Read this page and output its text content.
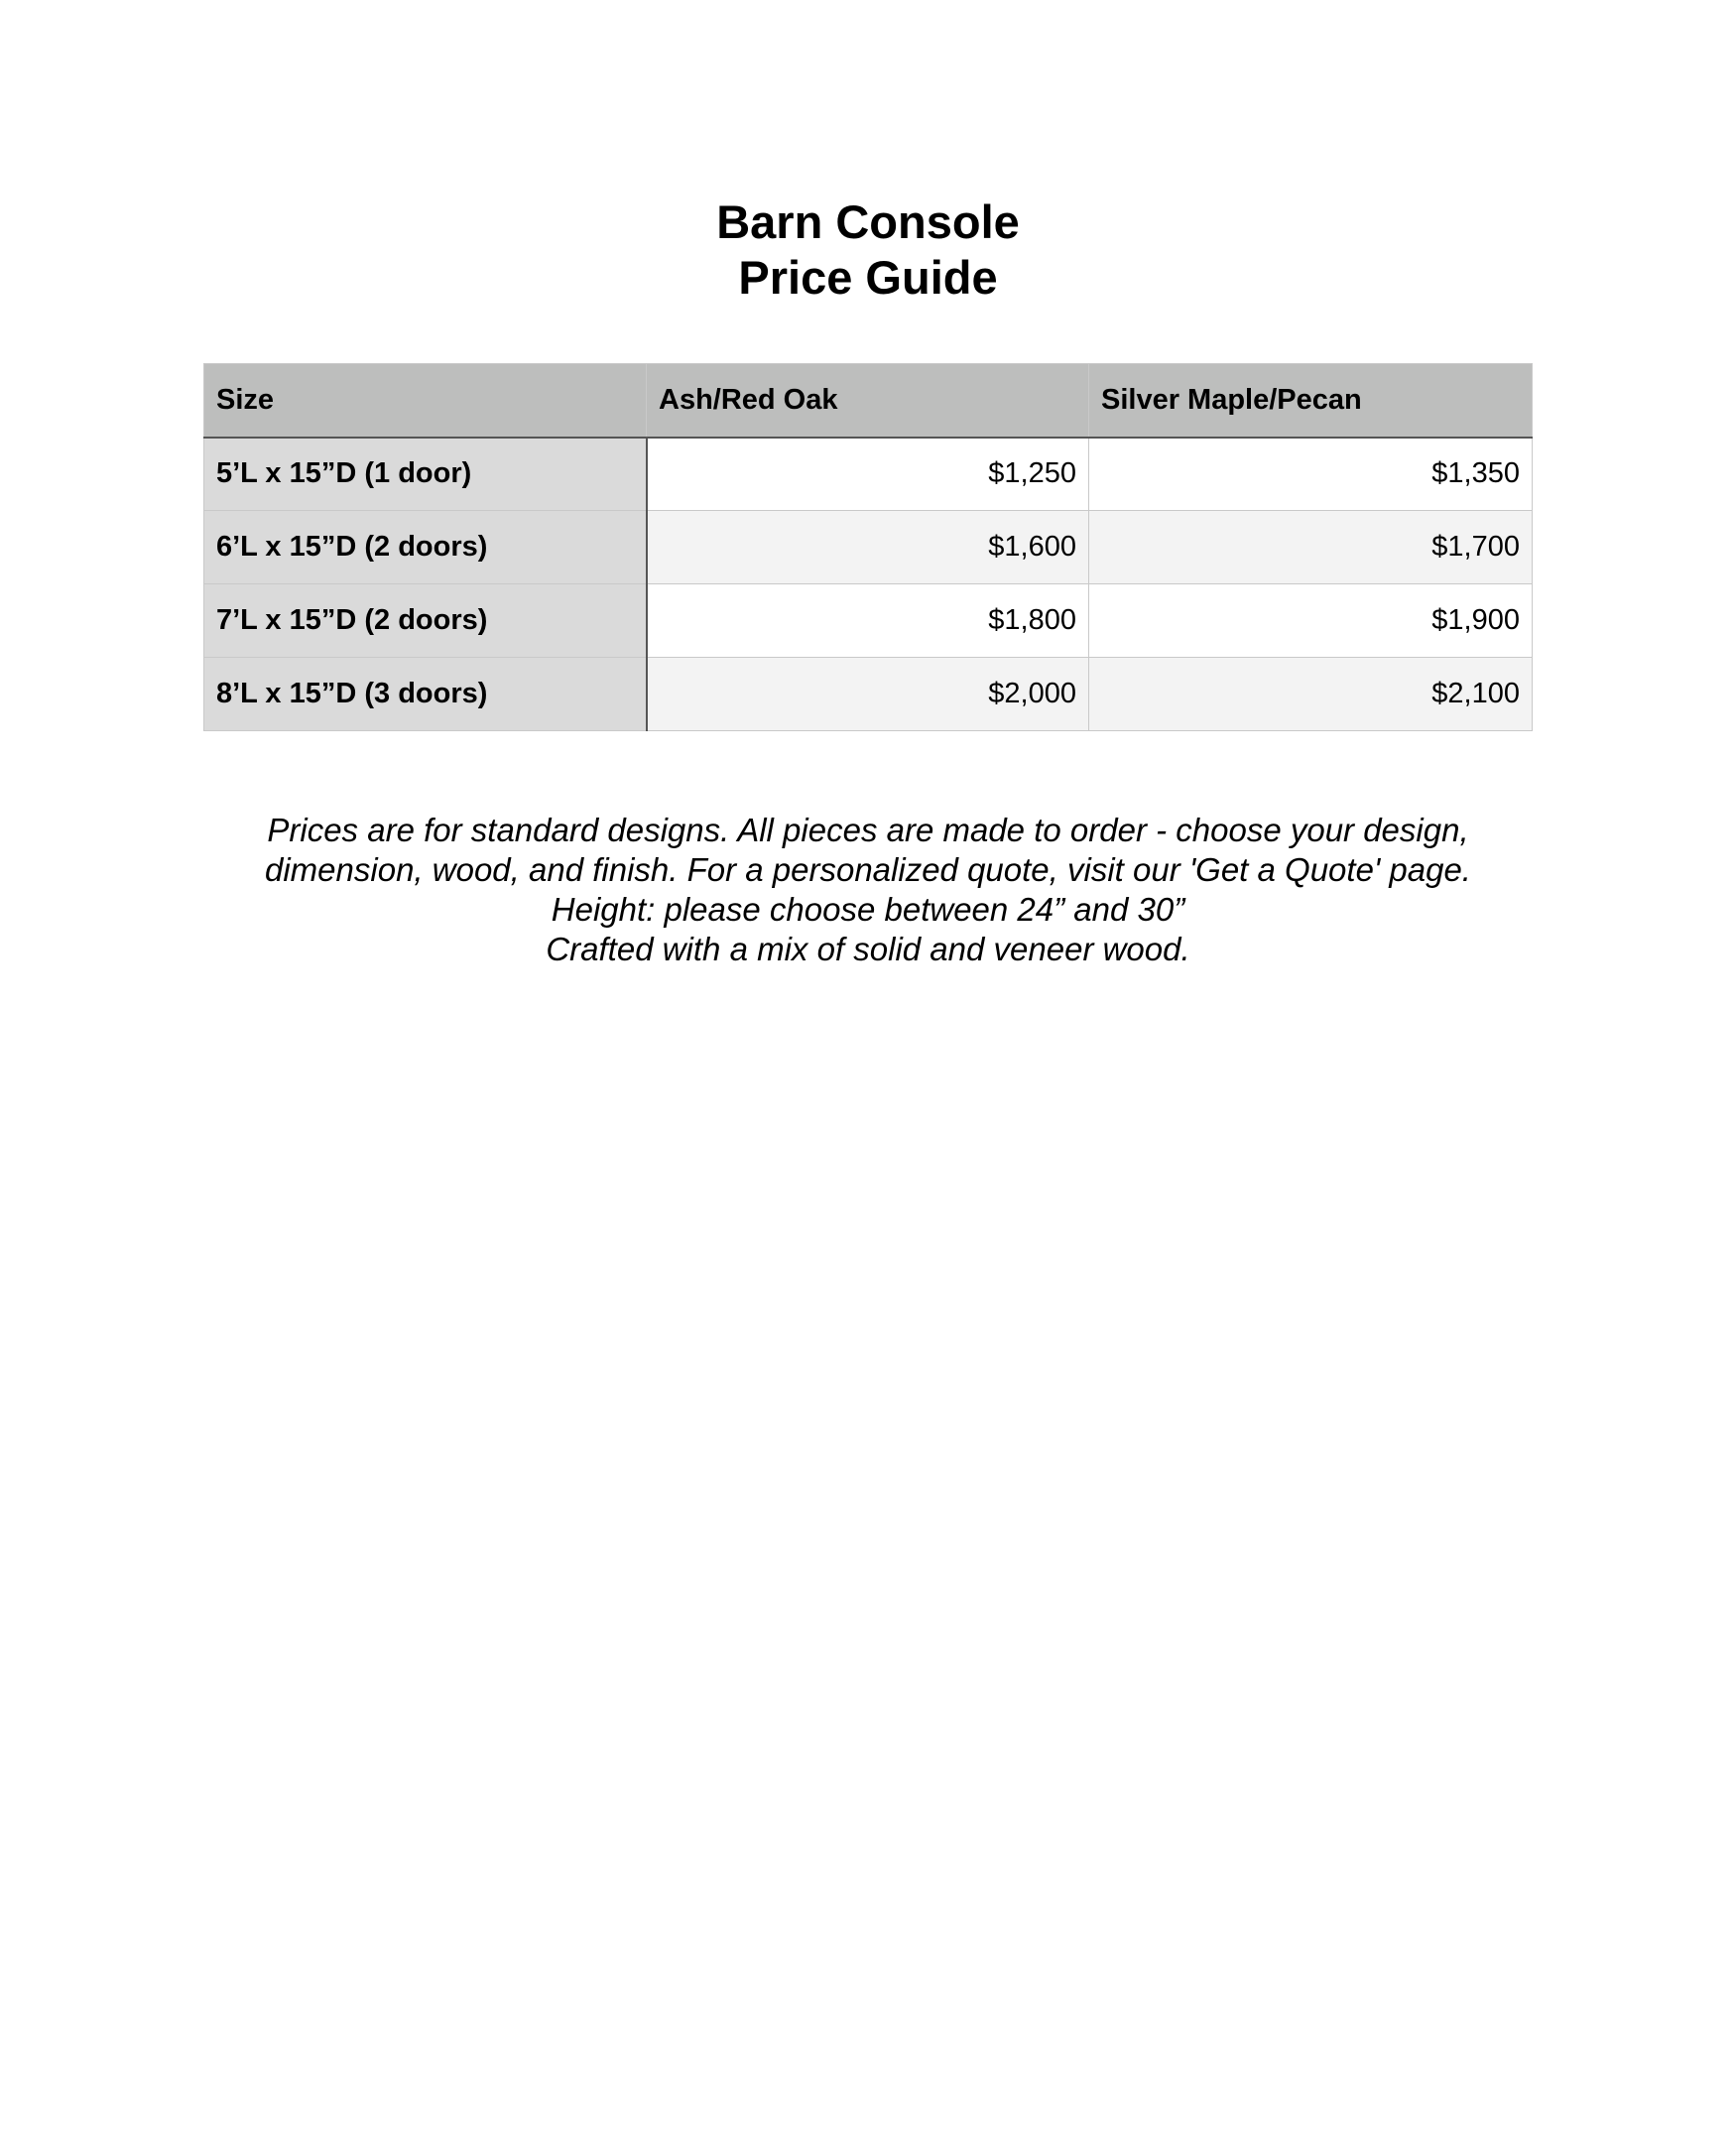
Barn Console
Price Guide
Size	Ash/Red Oak	Silver Maple/Pecan
5’L x 15”D (1 door)	$1,250	$1,350
6’L x 15”D (2 doors)	$1,600	$1,700
7’L x 15”D (2 doors)	$1,800	$1,900
8’L x 15”D (3 doors)	$2,000	$2,100
Prices are for standard designs. All pieces are made to order - choose your design,
dimension, wood, and finish. For a personalized quote, visit our 'Get a Quote' page.
Height: please choose between 24” and 30”
Crafted with a mix of solid and veneer wood.
